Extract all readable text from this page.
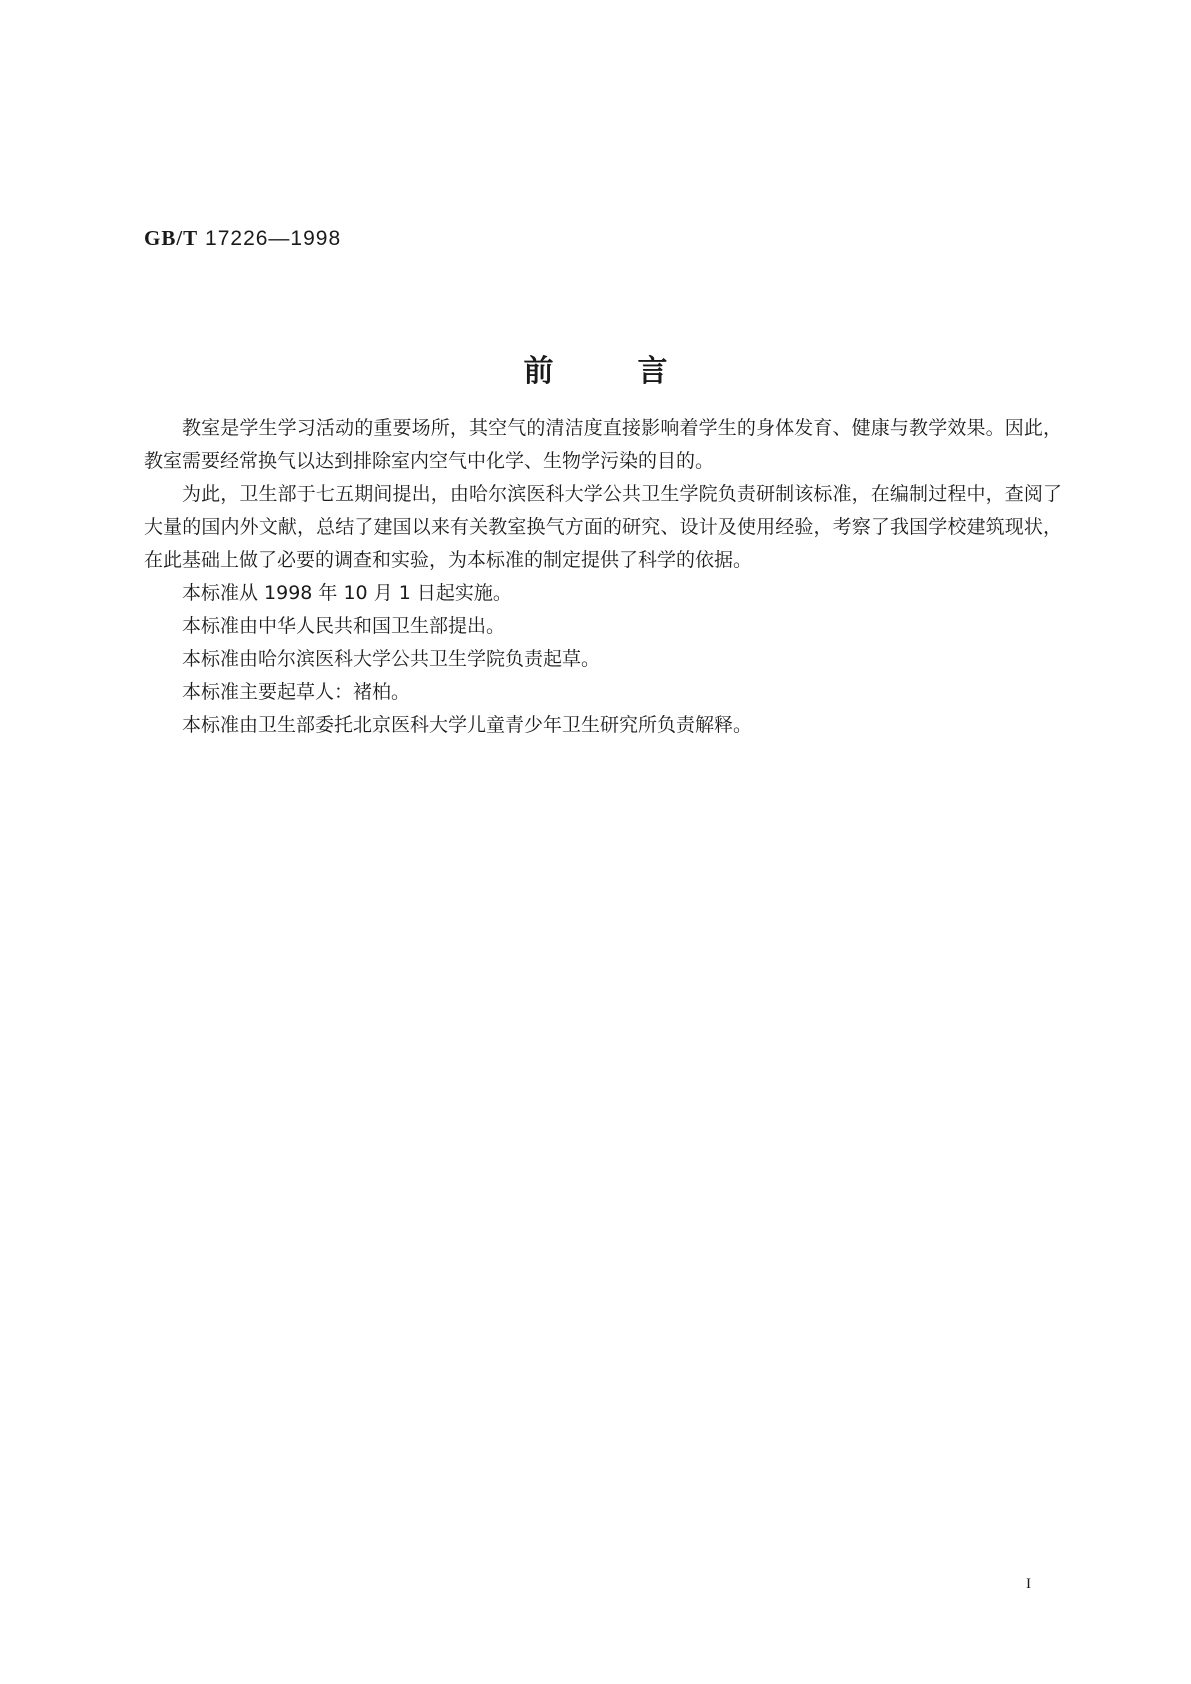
GB/T 17226—1998
前	言

教室是学生学习活动的重要场所，其空气的清洁度直接影响着学生的身体发育、健康与教学效果。因此，教室需要经常换气以达到排除室内空气中化学、生物学污染的目的。

为此，卫生部于七五期间提出，由哈尔滨医科大学公共卫生学院负责研制该标准，在编制过程中，查阅了大量的国内外文献，总结了建国以来有关教室换气方面的研究、设计及使用经验，考察了我国学校建筑现状，在此基础上做了必要的调查和实验，为本标准的制定提供了科学的依据。

本标准从 1998 年 10 月 1 日起实施。

本标准由中华人民共和国卫生部提出。

本标准由哈尔滨医科大学公共卫生学院负责起草。

本标准主要起草人：褚柏。

本标准由卫生部委托北京医科大学儿童青少年卫生研究所负责解释。

I
